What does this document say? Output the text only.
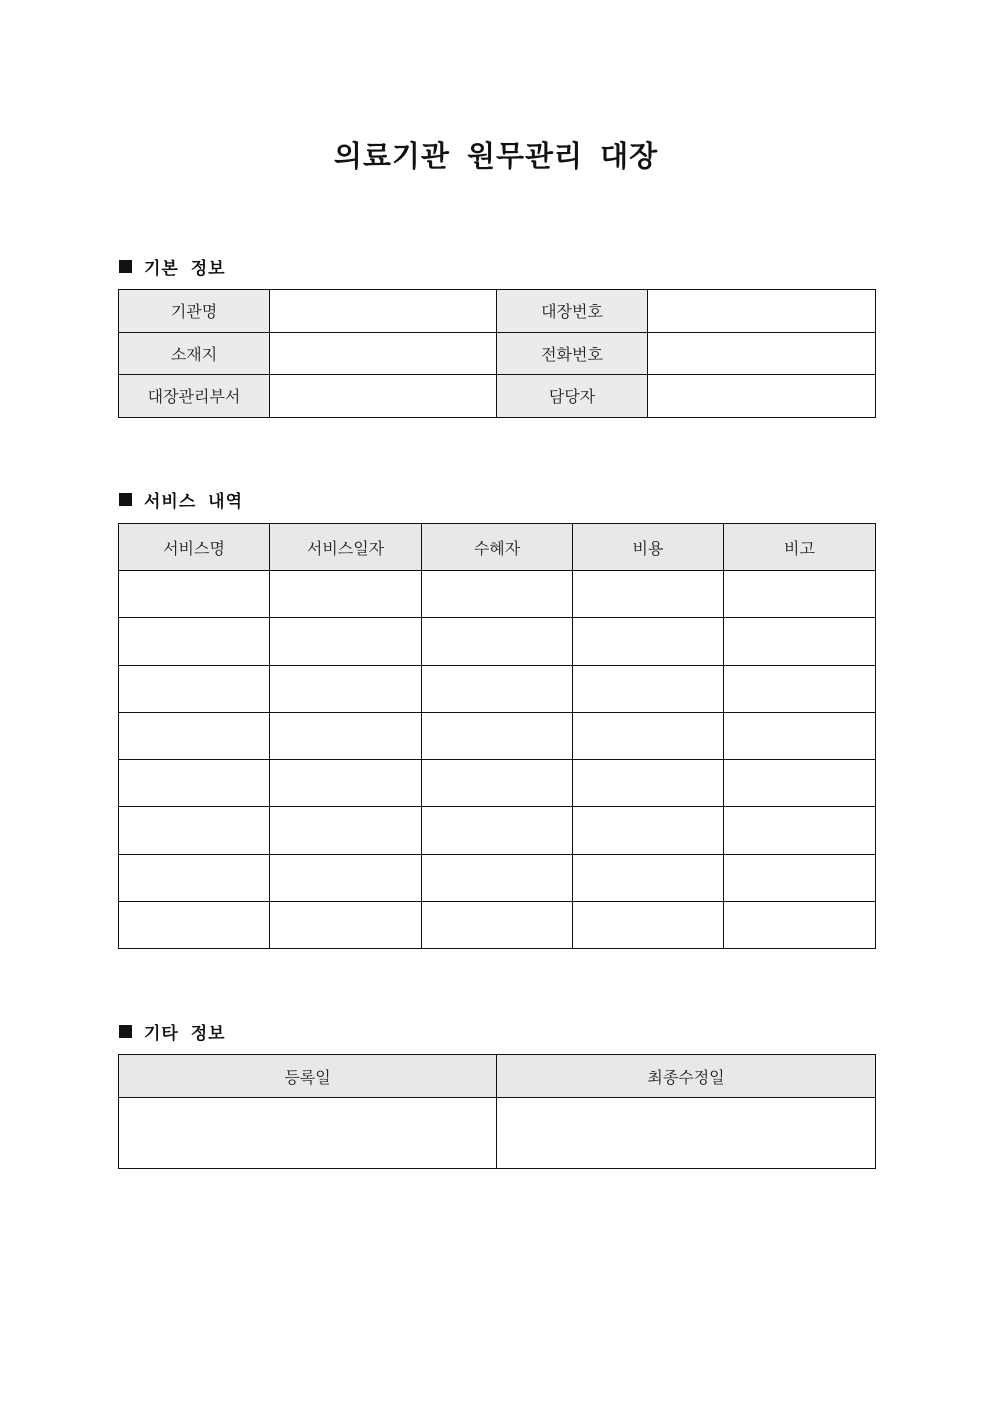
의료기관 원무관리 대장
기본 정보
기관명		대장번호	
소재지		전화번호	
대장관리부서		담당자	
서비스 내역
서비스명	서비스일자	수혜자	비용	비고

기타 정보
등록일	최종수정일
